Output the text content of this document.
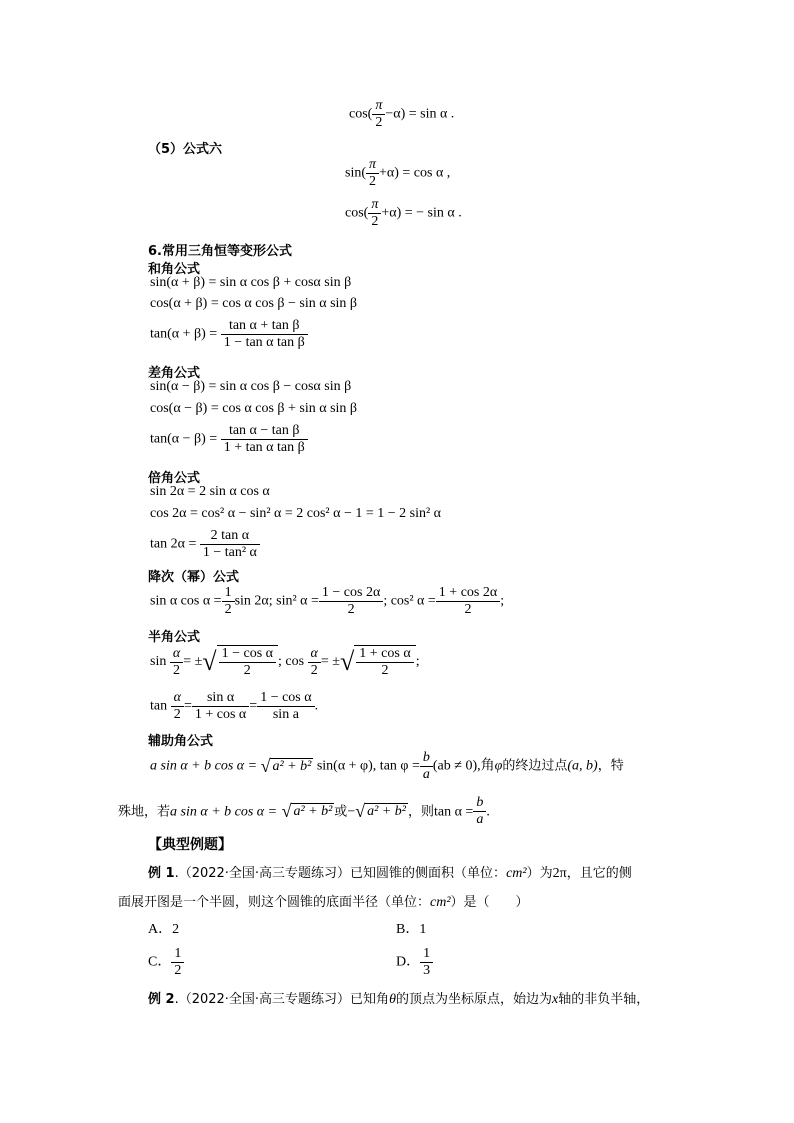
$\cos( \frac{\pi}{2} -\alpha) = \sin \alpha$ .
（5）公式六
$\sin( \frac{\pi}{2} +\alpha) = \cos \alpha$ ,
$\cos( \frac{\pi}{2} +\alpha)$ = − sin α .
6.常用三角恒等变形公式
和角公式
sin(α + β) = sin α cos β + cosα sin β
cos(α + β) = cos α cos β − sin α sin β
$\tan(\alpha + \beta) = \frac{\text{tan α + tan β}}{\text{1 − tan α tan β}}$
差角公式
sin(α − β) = sin α cos β − cosα sin β
cos(α − β) = cos α cos β + sin α sin β
$\tan(\alpha - \beta) = \frac{\text{tan α − tan β}}{\text{1 + tan α tan β}}$
倍角公式
sin 2α = 2 sin α cos α
cos 2α = cos² α − sin² α = 2 cos² α − 1 = 1 − 2 sin² α
$\tan 2\alpha = \frac{\text{2 tan α}}{\text{1 − tan² α}}$
降次（幂）公式
sin α $\cos \alpha = \frac{1}{2}$ sin 2α; sin² $\alpha = \frac{1 - \cos 2\alpha}{2}$ ; cos² $\alpha = \frac{1 + \cos 2\alpha}{2}$ ;
半角公式
$\sin \frac{\alpha}{2}$ = ±√ $\frac{\text{1 − cos α}}{2}$ ; $\cos \frac{\alpha}{2}$ = ±√ $\frac{\text{1 + cos α}}{2}$ ;
$\tan \frac{\alpha}{2} = \frac{\text{sin α}}{\text{1 + cos α}} = \frac{\text{1 − cos α}}{\text{sin a}}$ .
辅助角公式
a sin α + b cos α = √ a² + b² sin(α + φ), $\tan \varphi = \frac{b}{a} (ab \ne 0)$,角φ的终边过点(a, b)，特
殊地，若a sin α + b cos α = √ a² + b² 或−√ a² + b² ，则$\tan \alpha = \frac{b}{a}$ .
【典型例题】
例 1.（2022·全国·高三专题练习）已知圆锥的侧面积（单位：cm²）为2π，且它的侧
面展开图是一个半圆，则这个圆锥的底面半径（单位：cm²）是（　　）
A．2	B．1
C． $\frac{1}{2}$	D． $\frac{1}{3}$
例 2.（2022·全国·高三专题练习）已知角θ的顶点为坐标原点，始边为x轴的非负半轴，
